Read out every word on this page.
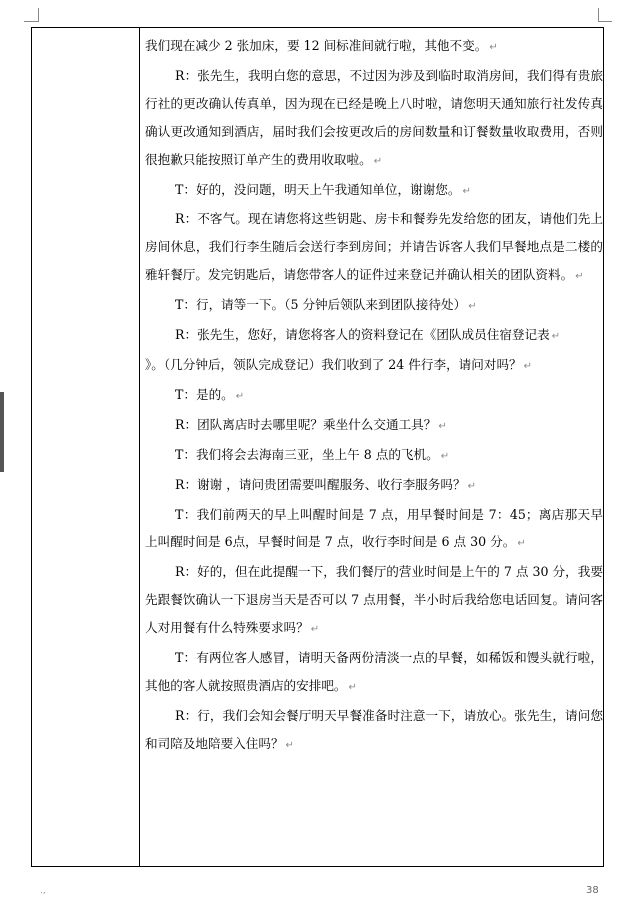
我们现在减少 2 张加床，要 12 间标准间就行啦，其他不变。 ↵

R：张先生，我明白您的意思，不过因为涉及到临时取消房间，我们得有贵旅行社的更改确认传真单，因为现在已经是晚上八时啦，请您明天通知旅行社发传真确认更改通知到酒店，届时我们会按更改后的房间数量和订餐数量收取费用，否则很抱歉只能按照订单产生的费用收取啦。 ↵

T：好的，没问题，明天上午我通知单位，谢谢您。 ↵

R：不客气。现在请您将这些钥匙、房卡和餐券先发给您的团友，请他们先上房间休息，我们行李生随后会送行李到房间；并请告诉客人我们早餐地点是二楼的雅轩餐厅。发完钥匙后，请您带客人的证件过来登记并确认相关的团队资料。 ↵

T：行，请等一下。（5 分钟后领队来到团队接待处） ↵

R：张先生，您好，请您将客人的资料登记在《团队成员住宿登记表 ↵

》。（几分钟后，领队完成登记）我们收到了 24 件行李，请问对吗？ ↵

T：是的。 ↵

R：团队离店时去哪里呢？乘坐什么交通工具？ ↵

T：我们将会去海南三亚，坐上午 8 点的飞机。 ↵

R：谢谢 ，请问贵团需要叫醒服务、收行李服务吗？ ↵

T：我们前两天的早上叫醒时间是 7 点，用早餐时间是 7：45；离店那天早上叫醒时间是 6点，早餐时间是 7 点，收行李时间是 6 点 30 分。 ↵

R：好的，但在此提醒一下，我们餐厅的营业时间是上午的 7 点 30 分，我要先跟餐饮确认一下退房当天是否可以 7 点用餐，半小时后我给您电话回复。请问客人对用餐有什么特殊要求吗？ ↵

T：有两位客人感冒，请明天备两份清淡一点的早餐，如稀饭和馒头就行啦，其他的客人就按照贵酒店的安排吧。 ↵

R：行，我们会知会餐厅明天早餐准备时注意一下，请放心。张先生，请问您和司陪及地陪要入住吗？ ↵

.,	38
